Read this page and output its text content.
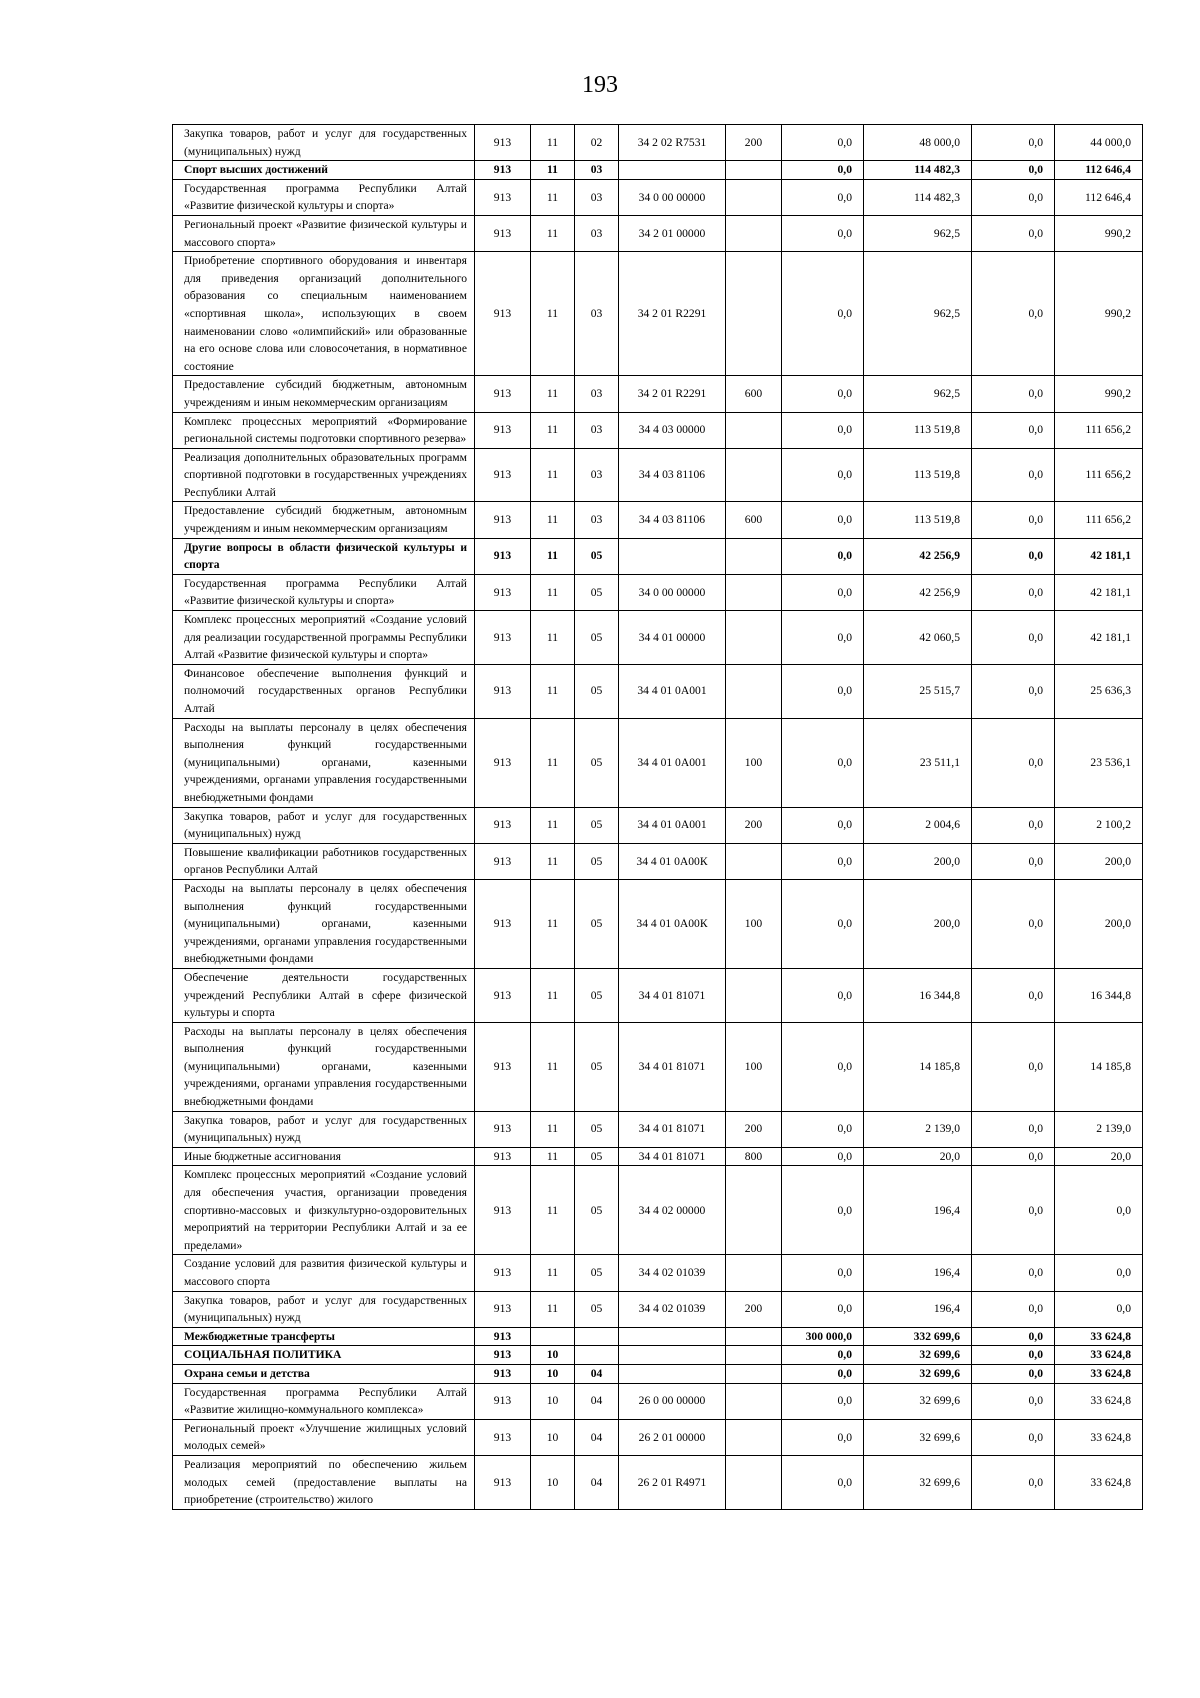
193
Закупка товаров, работ и услуг для государственных (муниципальных) нужд	913	11	02	34 2 02 R7531	200	0,0	48 000,0	0,0	44 000,0
Спорт высших достижений	913	11	03			0,0	114 482,3	0,0	112 646,4
Государственная программа Республики Алтай «Развитие физической культуры и спорта»	913	11	03	34 0 00 00000		0,0	114 482,3	0,0	112 646,4
Региональный проект «Развитие физической культуры и массового спорта»	913	11	03	34 2 01 00000		0,0	962,5	0,0	990,2
Приобретение спортивного оборудования и инвентаря для приведения организаций дополнительного образования со специальным наименованием «спортивная школа», использующих в своем наименовании слово «олимпийский» или образованные на его основе слова или словосочетания, в нормативное состояние	913	11	03	34 2 01 R2291		0,0	962,5	0,0	990,2
Предоставление субсидий бюджетным, автономным учреждениям и иным некоммерческим организациям	913	11	03	34 2 01 R2291	600	0,0	962,5	0,0	990,2
Комплекс процессных мероприятий «Формирование региональной системы подготовки спортивного резерва»	913	11	03	34 4 03 00000		0,0	113 519,8	0,0	111 656,2
Реализация дополнительных образовательных программ спортивной подготовки в государственных учреждениях Республики Алтай	913	11	03	34 4 03 81106		0,0	113 519,8	0,0	111 656,2
Предоставление субсидий бюджетным, автономным учреждениям и иным некоммерческим организациям	913	11	03	34 4 03 81106	600	0,0	113 519,8	0,0	111 656,2
Другие вопросы в области физической культуры и спорта	913	11	05			0,0	42 256,9	0,0	42 181,1
Государственная программа Республики Алтай «Развитие физической культуры и спорта»	913	11	05	34 0 00 00000		0,0	42 256,9	0,0	42 181,1
Комплекс процессных мероприятий «Создание условий для реализации государственной программы Республики Алтай «Развитие физической культуры и спорта»	913	11	05	34 4 01 00000		0,0	42 060,5	0,0	42 181,1
Финансовое обеспечение выполнения функций и полномочий государственных органов Республики Алтай	913	11	05	34 4 01 0А001		0,0	25 515,7	0,0	25 636,3
Расходы на выплаты персоналу в целях обеспечения выполнения функций государственными (муниципальными) органами, казенными учреждениями, органами управления государственными внебюджетными фондами	913	11	05	34 4 01 0А001	100	0,0	23 511,1	0,0	23 536,1
Закупка товаров, работ и услуг для государственных (муниципальных) нужд	913	11	05	34 4 01 0А001	200	0,0	2 004,6	0,0	2 100,2
Повышение квалификации работников государственных органов Республики Алтай	913	11	05	34 4 01 0А00К		0,0	200,0	0,0	200,0
Расходы на выплаты персоналу в целях обеспечения выполнения функций государственными (муниципальными) органами, казенными учреждениями, органами управления государственными внебюджетными фондами	913	11	05	34 4 01 0А00К	100	0,0	200,0	0,0	200,0
Обеспечение деятельности государственных учреждений Республики Алтай в сфере физической культуры и спорта	913	11	05	34 4 01 81071		0,0	16 344,8	0,0	16 344,8
Расходы на выплаты персоналу в целях обеспечения выполнения функций государственными (муниципальными) органами, казенными учреждениями, органами управления государственными внебюджетными фондами	913	11	05	34 4 01 81071	100	0,0	14 185,8	0,0	14 185,8
Закупка товаров, работ и услуг для государственных (муниципальных) нужд	913	11	05	34 4 01 81071	200	0,0	2 139,0	0,0	2 139,0
Иные бюджетные ассигнования	913	11	05	34 4 01 81071	800	0,0	20,0	0,0	20,0
Комплекс процессных мероприятий «Создание условий для обеспечения участия, организации проведения спортивно-массовых и физкультурно-оздоровительных мероприятий на территории Республики Алтай и за ее пределами»	913	11	05	34 4 02 00000		0,0	196,4	0,0	0,0
Создание условий для развития физической культуры и массового спорта	913	11	05	34 4 02 01039		0,0	196,4	0,0	0,0
Закупка товаров, работ и услуг для государственных (муниципальных) нужд	913	11	05	34 4 02 01039	200	0,0	196,4	0,0	0,0
Межбюджетные трансферты	913					300 000,0	332 699,6	0,0	33 624,8
СОЦИАЛЬНАЯ ПОЛИТИКА	913	10				0,0	32 699,6	0,0	33 624,8
Охрана семьи и детства	913	10	04			0,0	32 699,6	0,0	33 624,8
Государственная программа Республики Алтай «Развитие жилищно-коммунального комплекса»	913	10	04	26 0 00 00000		0,0	32 699,6	0,0	33 624,8
Региональный проект «Улучшение жилищных условий молодых семей»	913	10	04	26 2 01 00000		0,0	32 699,6	0,0	33 624,8
Реализация мероприятий по обеспечению жильем молодых семей (предоставление выплаты на приобретение (строительство) жилого	913	10	04	26 2 01 R4971		0,0	32 699,6	0,0	33 624,8
